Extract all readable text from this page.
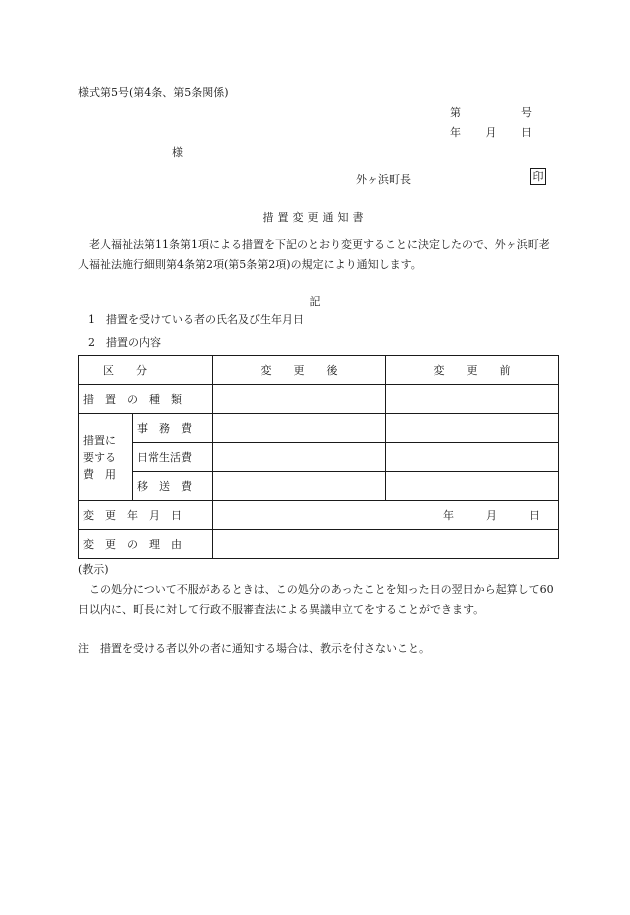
様式第5号(第4条、第5条関係)
第	号
年 月 日
様
外ヶ浜町長	印
措置変更通知書
　老人福祉法第11条第1項による措置を下記のとおり変更することに決定したので、外ヶ浜町老人福祉法施行細則第4条第2項(第5条第2項)の規定により通知します。
記
1　措置を受けている者の氏名及び生年月日
2　措置の内容
区　　分		変　　更　　後	変　　更　　前
措　置　の　種　類			

措置に
要する
費　用	事　務　費		
	日常生活費		
	移　送　費		
変　更　年　月　日		年 月 日	

変　更　の　理　由			
(教示)
　この処分について不服があるときは、この処分のあったことを知った日の翌日から起算して60日以内に、町長に対して行政不服審査法による異議申立てをすることができます。
注　措置を受ける者以外の者に通知する場合は、教示を付さないこと。
